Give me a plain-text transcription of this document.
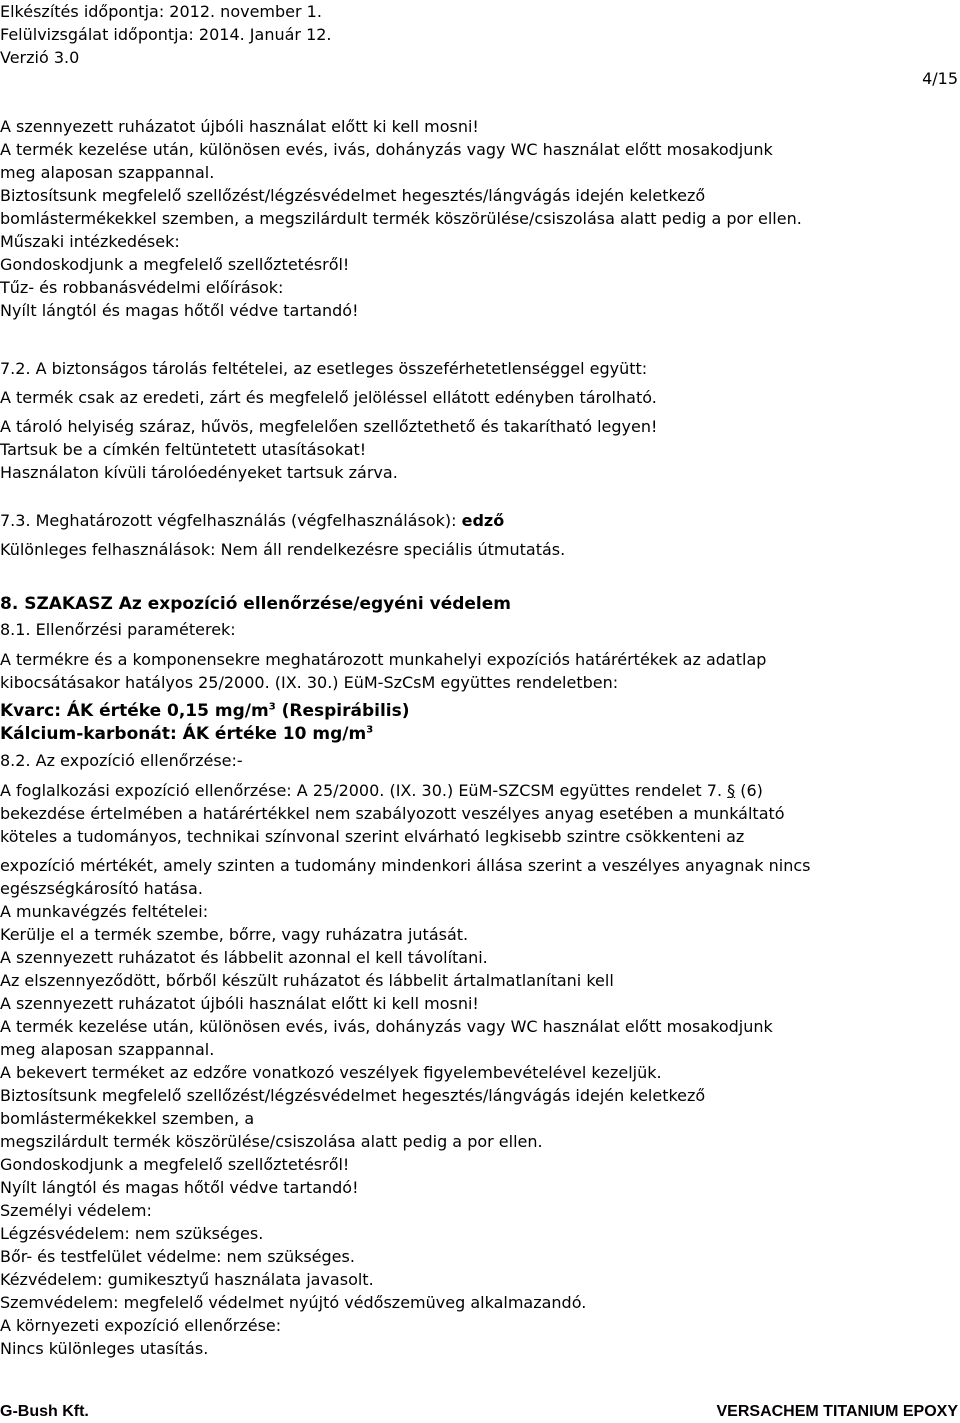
Elkészítés időpontja: 2012. november 1.
Felülvizsgálat időpontja: 2014. Január 12.
Verzió 3.0
4/15
A szennyezett ruházatot újbóli használat előtt ki kell mosni!
A termék kezelése után, különösen evés, ivás, dohányzás vagy WC használat előtt mosakodjunk
meg alaposan szappannal.
Biztosítsunk megfelelő szellőzést/légzésvédelmet hegesztés/lángvágás idején keletkező
bomlástermékekkel szemben, a megszilárdult termék köszörülése/csiszolása alatt pedig a por ellen.
Műszaki intézkedések:
Gondoskodjunk a megfelelő szellőztetésről!
Tűz- és robbanásvédelmi előírások:
Nyílt lángtól és magas hőtől védve tartandó!
7.2. A biztonságos tárolás feltételei, az esetleges összeférhetetlenséggel együtt:
A termék csak az eredeti, zárt és megfelelő jelöléssel ellátott edényben tárolható.
A tároló helyiség száraz, hűvös, megfelelően szellőztethető és takarítható legyen!
Tartsuk be a címkén feltüntetett utasításokat!
Használaton kívüli tárolóedényeket tartsuk zárva.
7.3. Meghatározott végfelhasználás (végfelhasználások): edző
Különleges felhasználások: Nem áll rendelkezésre speciális útmutatás.
8. SZAKASZ Az expozíció ellenőrzése/egyéni védelem
8.1. Ellenőrzési paraméterek:
A termékre és a komponensekre meghatározott munkahelyi expozíciós határértékek az adatlap
kibocsátásakor hatályos 25/2000. (IX. 30.) EüM-SzCsM együttes rendeletben:
Kvarc: ÁK értéke 0,15 $mg/m^3$ (Respirábilis)
Kálcium-karbonát: ÁK értéke 10 $mg/m^3$
8.2. Az expozíció ellenőrzése:-
A foglalkozási expozíció ellenőrzése: A 25/2000. (IX. 30.) EüM-SZCSM együttes rendelet 7. § (6)
bekezdése értelmében a határértékkel nem szabályozott veszélyes anyag esetében a munkáltató
köteles a tudományos, technikai színvonal szerint elvárható legkisebb szintre csökkenteni az
expozíció mértékét, amely szinten a tudomány mindenkori állása szerint a veszélyes anyagnak nincs
egészségkárosító hatása.
A munkavégzés feltételei:
Kerülje el a termék szembe, bőrre, vagy ruházatra jutását.
A szennyezett ruházatot és lábbelit azonnal el kell távolítani.
Az elszennyeződött, bőrből készült ruházatot és lábbelit ártalmatlanítani kell
A szennyezett ruházatot újbóli használat előtt ki kell mosni!
A termék kezelése után, különösen evés, ivás, dohányzás vagy WC használat előtt mosakodjunk
meg alaposan szappannal.
A bekevert terméket az edzőre vonatkozó veszélyek figyelembevételével kezeljük.
Biztosítsunk megfelelő szellőzést/légzésvédelmet hegesztés/lángvágás idején keletkező
bomlástermékekkel szemben, a
megszilárdult termék köszörülése/csiszolása alatt pedig a por ellen.
Gondoskodjunk a megfelelő szellőztetésről!
Nyílt lángtól és magas hőtől védve tartandó!
Személyi védelem:
Légzésvédelem: nem szükséges.
Bőr- és testfelület védelme: nem szükséges.
Kézvédelem: gumikesztyű használata javasolt.
Szemvédelem: megfelelő védelmet nyújtó védőszemüveg alkalmazandó.
A környezeti expozíció ellenőrzése:
Nincs különleges utasítás.
G-Bush Kft.	VERSACHEM TITANIUM EPOXY
